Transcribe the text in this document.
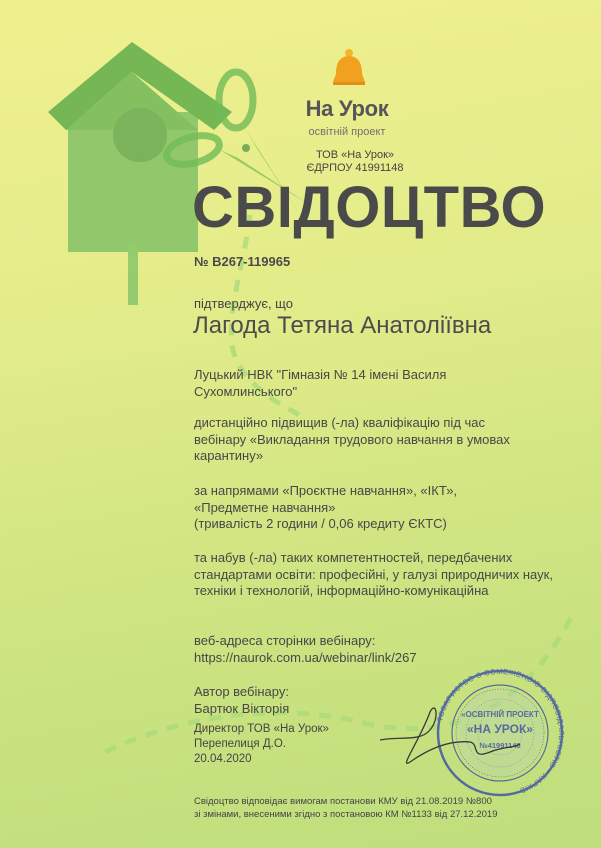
ТОВАРИСТВО З ОБМЕЖЕНОЮ ВІДПОВІДАЛЬНІСТЮ • ХАРКІВ •
«ОСВІТНІЙ ПРОЕКТ
«НА УРОК»
№41991148
На Урок
освітній проект
ТОВ «На Урок»
ЄДРПОУ 41991148
СВІДОЦТВО
№ B267-119965
підтверджує, що
Лагода Тетяна Анатоліївна
Луцький НВК "Гімназія № 14 імені Василя Сухомлинського"
дистанційно підвищив (-ла) кваліфікацію під час вебінару «Викладання трудового навчання в умовах карантину»
за напрямами «Проєктне навчання», «ІКТ», «Предметне навчання»
(тривалість 2 години / 0,06 кредиту ЄКТС)
та набув (-ла) таких компетентностей, передбачених стандартами освіти: професійні, у галузі природничих наук, техніки і технологій, інформаційно-комунікаційна
веб-адреса сторінки вебінару:
https://naurok.com.ua/webinar/link/267
Автор вебінару:
Бартюк Вікторія
Директор ТОВ «На Урок»
Перепелиця Д.О.
20.04.2020
Свідоцтво відповідає вимогам постанови КМУ від 21.08.2019 №800
зі змінами, внесеними згідно з постановою КМ №1133 від 27.12.2019
